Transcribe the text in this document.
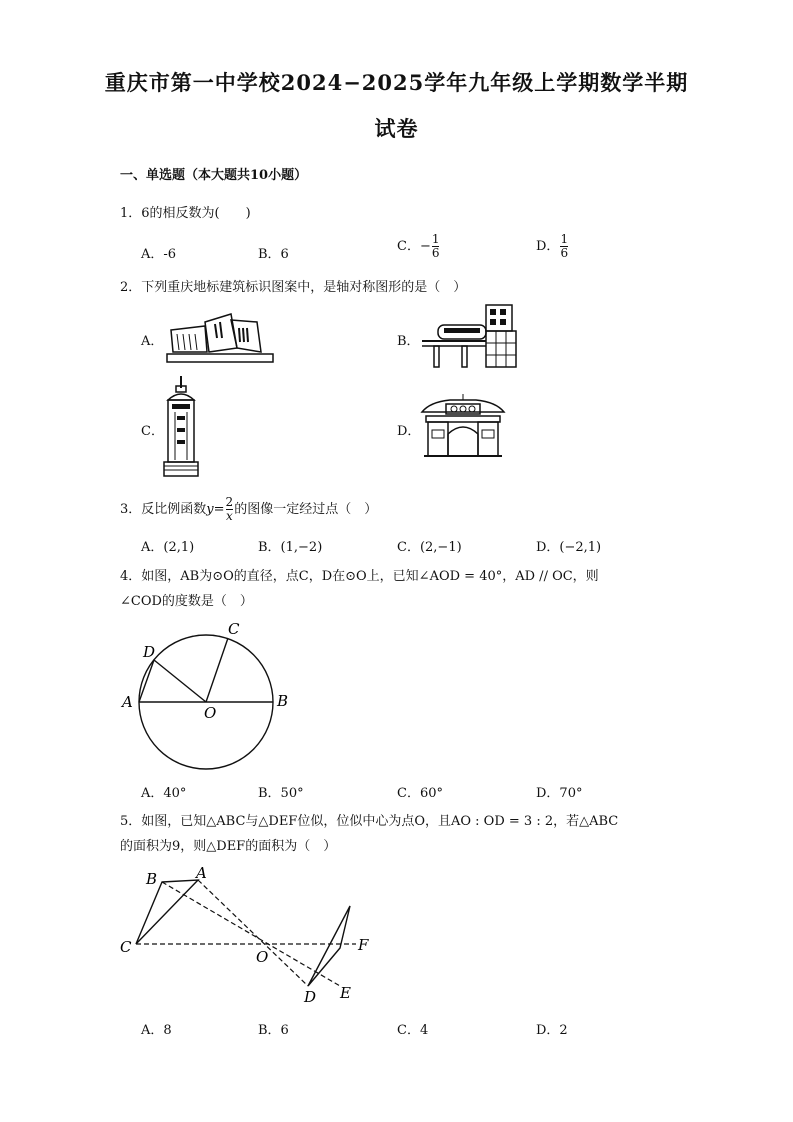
重庆市第一中学校2024−2025学年九年级上学期数学半期
试卷
一、单选题（本大题共10小题）
1．6的相反数为(　　)
A．-6	B．6
C．− $\frac{1}{6}$	D． $\frac{1}{6}$
2．下列重庆地标建筑标识图案中，是轴对称图形的是（　）
A．	B．
C．	D．
3．反比例函数$y= \frac{2}{x}$ 的图像一定经过点（　）
A．(2,1)	B．(1,−2)	C．(2,−1)	D．(−2,1)
4．如图，AB为⊙O的直径，点C，D在⊙O上，已知∠AOD = 40°，AD // OC，则
∠COD的度数是（　）
A	B
C
D
O
A．40°	B．50°	C．60°	D．70°
5．如图，已知△ABC与△DEF位似，位似中心为点O，且AO : OD = 3 : 2，若△ABC
的面积为9，则△DEF的面积为（　）
B	A
C
O
F
D E
A．8	B．6	C．4	D．2
